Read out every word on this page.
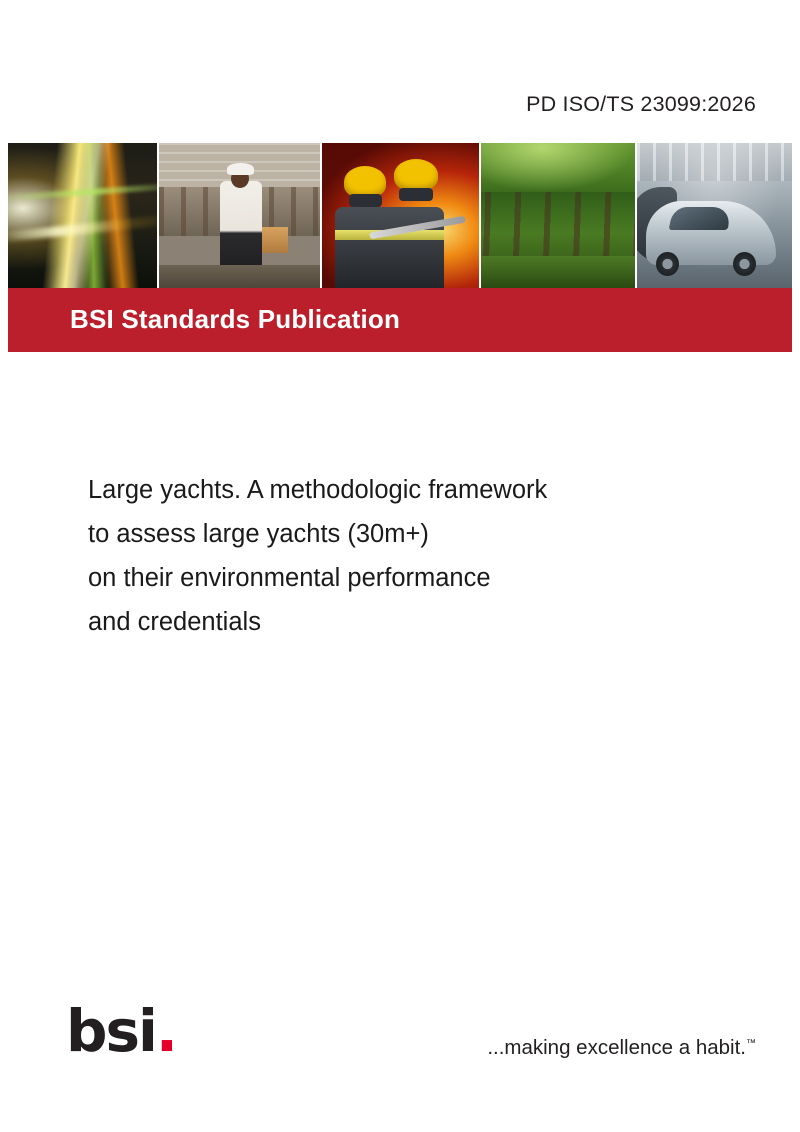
PD ISO/TS 23099:2026
BSI Standards Publication
Large yachts. A methodologic framework
to assess large yachts (30m+)
on their environmental performance
and credentials
bsi.	...making excellence a habit.™
